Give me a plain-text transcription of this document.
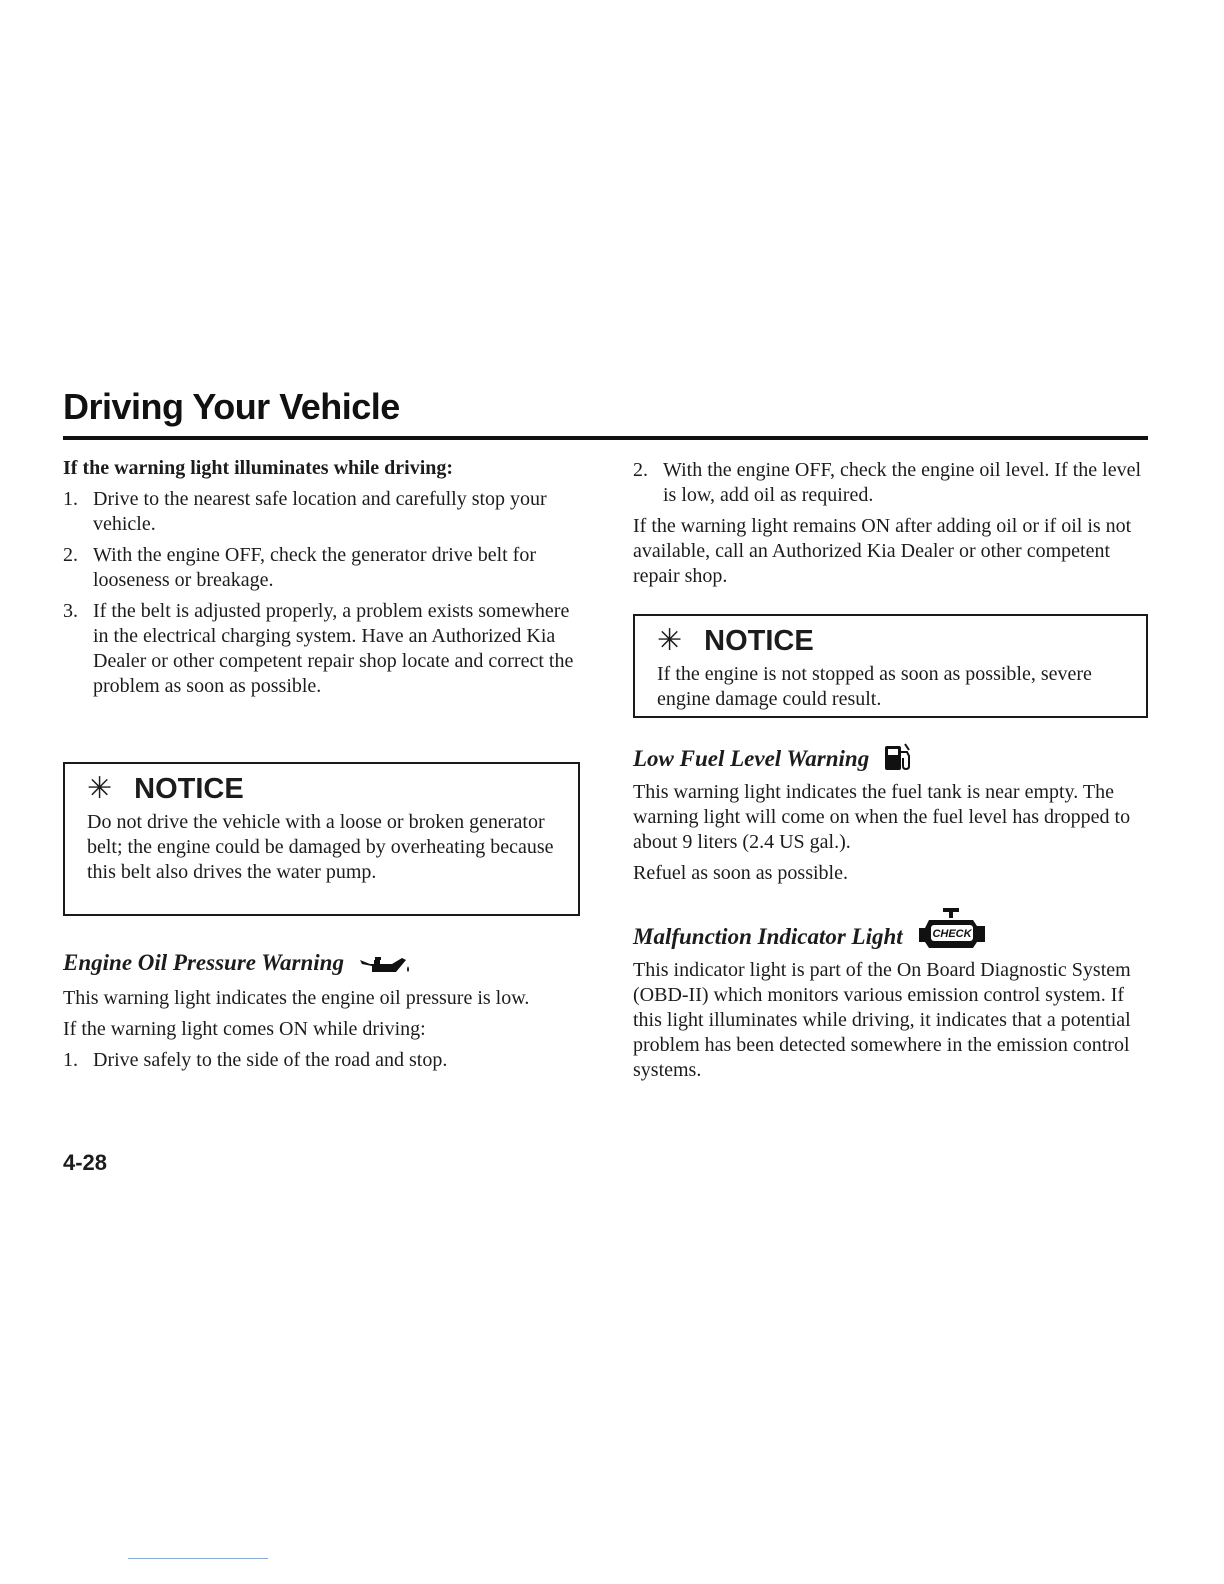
Driving Your Vehicle

If the warning light illuminates while driving:

1. Drive to the nearest safe location and carefully stop your vehicle.
2. With the engine OFF, check the generator drive belt for looseness or breakage.
3. If the belt is adjusted properly, a problem exists somewhere in the electrical charging system. Have an Authorized Kia Dealer or other competent repair shop locate and correct the problem as soon as possible.
✳ NOTICE

Do not drive the vehicle with a loose or broken generator belt; the engine could be damaged by overheating because this belt also drives the water pump.

Engine Oil Pressure Warning

This warning light indicates the engine oil pressure is low.

If the warning light comes ON while driving:

1. Drive safely to the side of the road and stop.
2. With the engine OFF, check the engine oil level. If the level is low, add oil as required.

If the warning light remains ON after adding oil or if oil is not available, call an Authorized Kia Dealer or other competent repair shop.

✳ NOTICE

If the engine is not stopped as soon as possible, severe engine damage could result.

Low Fuel Level Warning

This warning light indicates the fuel tank is near empty. The warning light will come on when the fuel level has dropped to about 9 liters (2.4 US gal.).

Refuel as soon as possible.

Malfunction Indicator Light	CHECK

This indicator light is part of the On Board Diagnostic System (OBD-II) which monitors various emission control system. If this light illuminates while driving, it indicates that a potential problem has been detected somewhere in the emission control systems.

4-28
